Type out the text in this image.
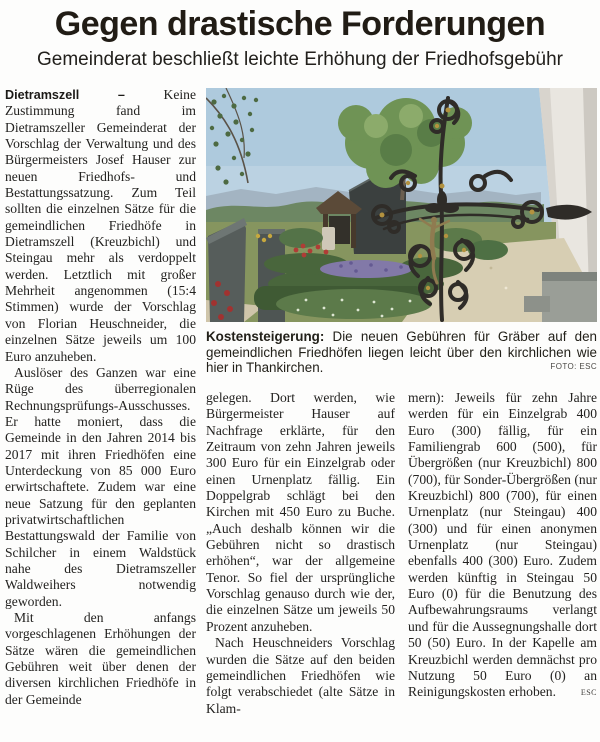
Gegen drastische Forderungen
Gemeinderat beschließt leichte Erhöhung der Friedhofsgebühr

Dietramszell –	Keine Zustimmung fand im Dietramszeller Gemeinderat der Vorschlag der Verwaltung und des Bürgermeisters Josef Hauser zur neuen Friedhofs- und Bestattungssatzung. Zum Teil sollten die einzelnen Sätze für die gemeindlichen Friedhöfe in Dietramszell (Kreuzbichl) und Steingau mehr als verdoppelt werden. Letztlich mit großer Mehrheit angenommen (15:4 Stimmen) wurde der Vorschlag von Florian Heuschneider, die einzelnen Sätze jeweils um 100 Euro anzuheben.

Auslöser des Ganzen war eine Rüge des überregionalen Rechnungsprüfungs-Ausschusses. Er hatte moniert, dass die Gemeinde in den Jahren 2014 bis 2017 mit ihren Friedhöfen eine Unterdeckung von 85 000 Euro erwirtschaftete. Zudem war eine neue Satzung für den geplanten privatwirtschaftlichen Bestattungswald der Familie von Schilcher in einem Waldstück nahe des Dietramszeller Waldweihers notwendig geworden.

Mit den anfangs vorgeschlagenen Erhöhungen der Sätze wären die gemeindlichen Gebühren weit über denen der diversen kirchlichen Friedhöfe in der Gemeinde

Kostensteigerung: Die neuen Gebühren für Gräber auf den gemeindlichen Friedhöfen liegen leicht über den kirchlichen wie hier in Thankirchen.	FOTO: ESC

gelegen. Dort werden, wie Bürgermeister Hauser auf Nachfrage erklärte, für den Zeitraum von zehn Jahren jeweils 300 Euro für ein Einzelgrab oder einen Urnenplatz fällig. Ein Doppelgrab schlägt bei den Kirchen mit 450 Euro zu Buche. „Auch deshalb können wir die Gebühren nicht so drastisch erhöhen“, war der allgemeine Tenor. So fiel der ursprüngliche Vorschlag genauso durch wie der, die einzelnen Sätze um jeweils 50 Prozent anzuheben.

Nach Heuschneiders Vorschlag wurden die Sätze auf den beiden gemeindlichen Friedhöfen wie folgt verabschiedet (alte Sätze in Klam-

mern): Jeweils für zehn Jahre werden für ein Einzelgrab 400 Euro (300) fällig, für ein Familiengrab 600 (500), für Übergrößen (nur Kreuzbichl) 800 (700), für Sonder-Übergrößen (nur Kreuzbichl) 800 (700), für einen Urnenplatz (nur Steingau) 400 (300) und für einen anonymen Urnenplatz (nur Steingau) ebenfalls 400 (300) Euro. Zudem werden künftig in Steingau 50 Euro (0) für die Benutzung des Aufbewahrungsraums verlangt und für die Aussegnungshalle dort 50 (50) Euro. In der Kapelle am Kreuzbichl werden demnächst pro Nutzung 50 Euro (0) an Reinigungskosten erhoben. esc
